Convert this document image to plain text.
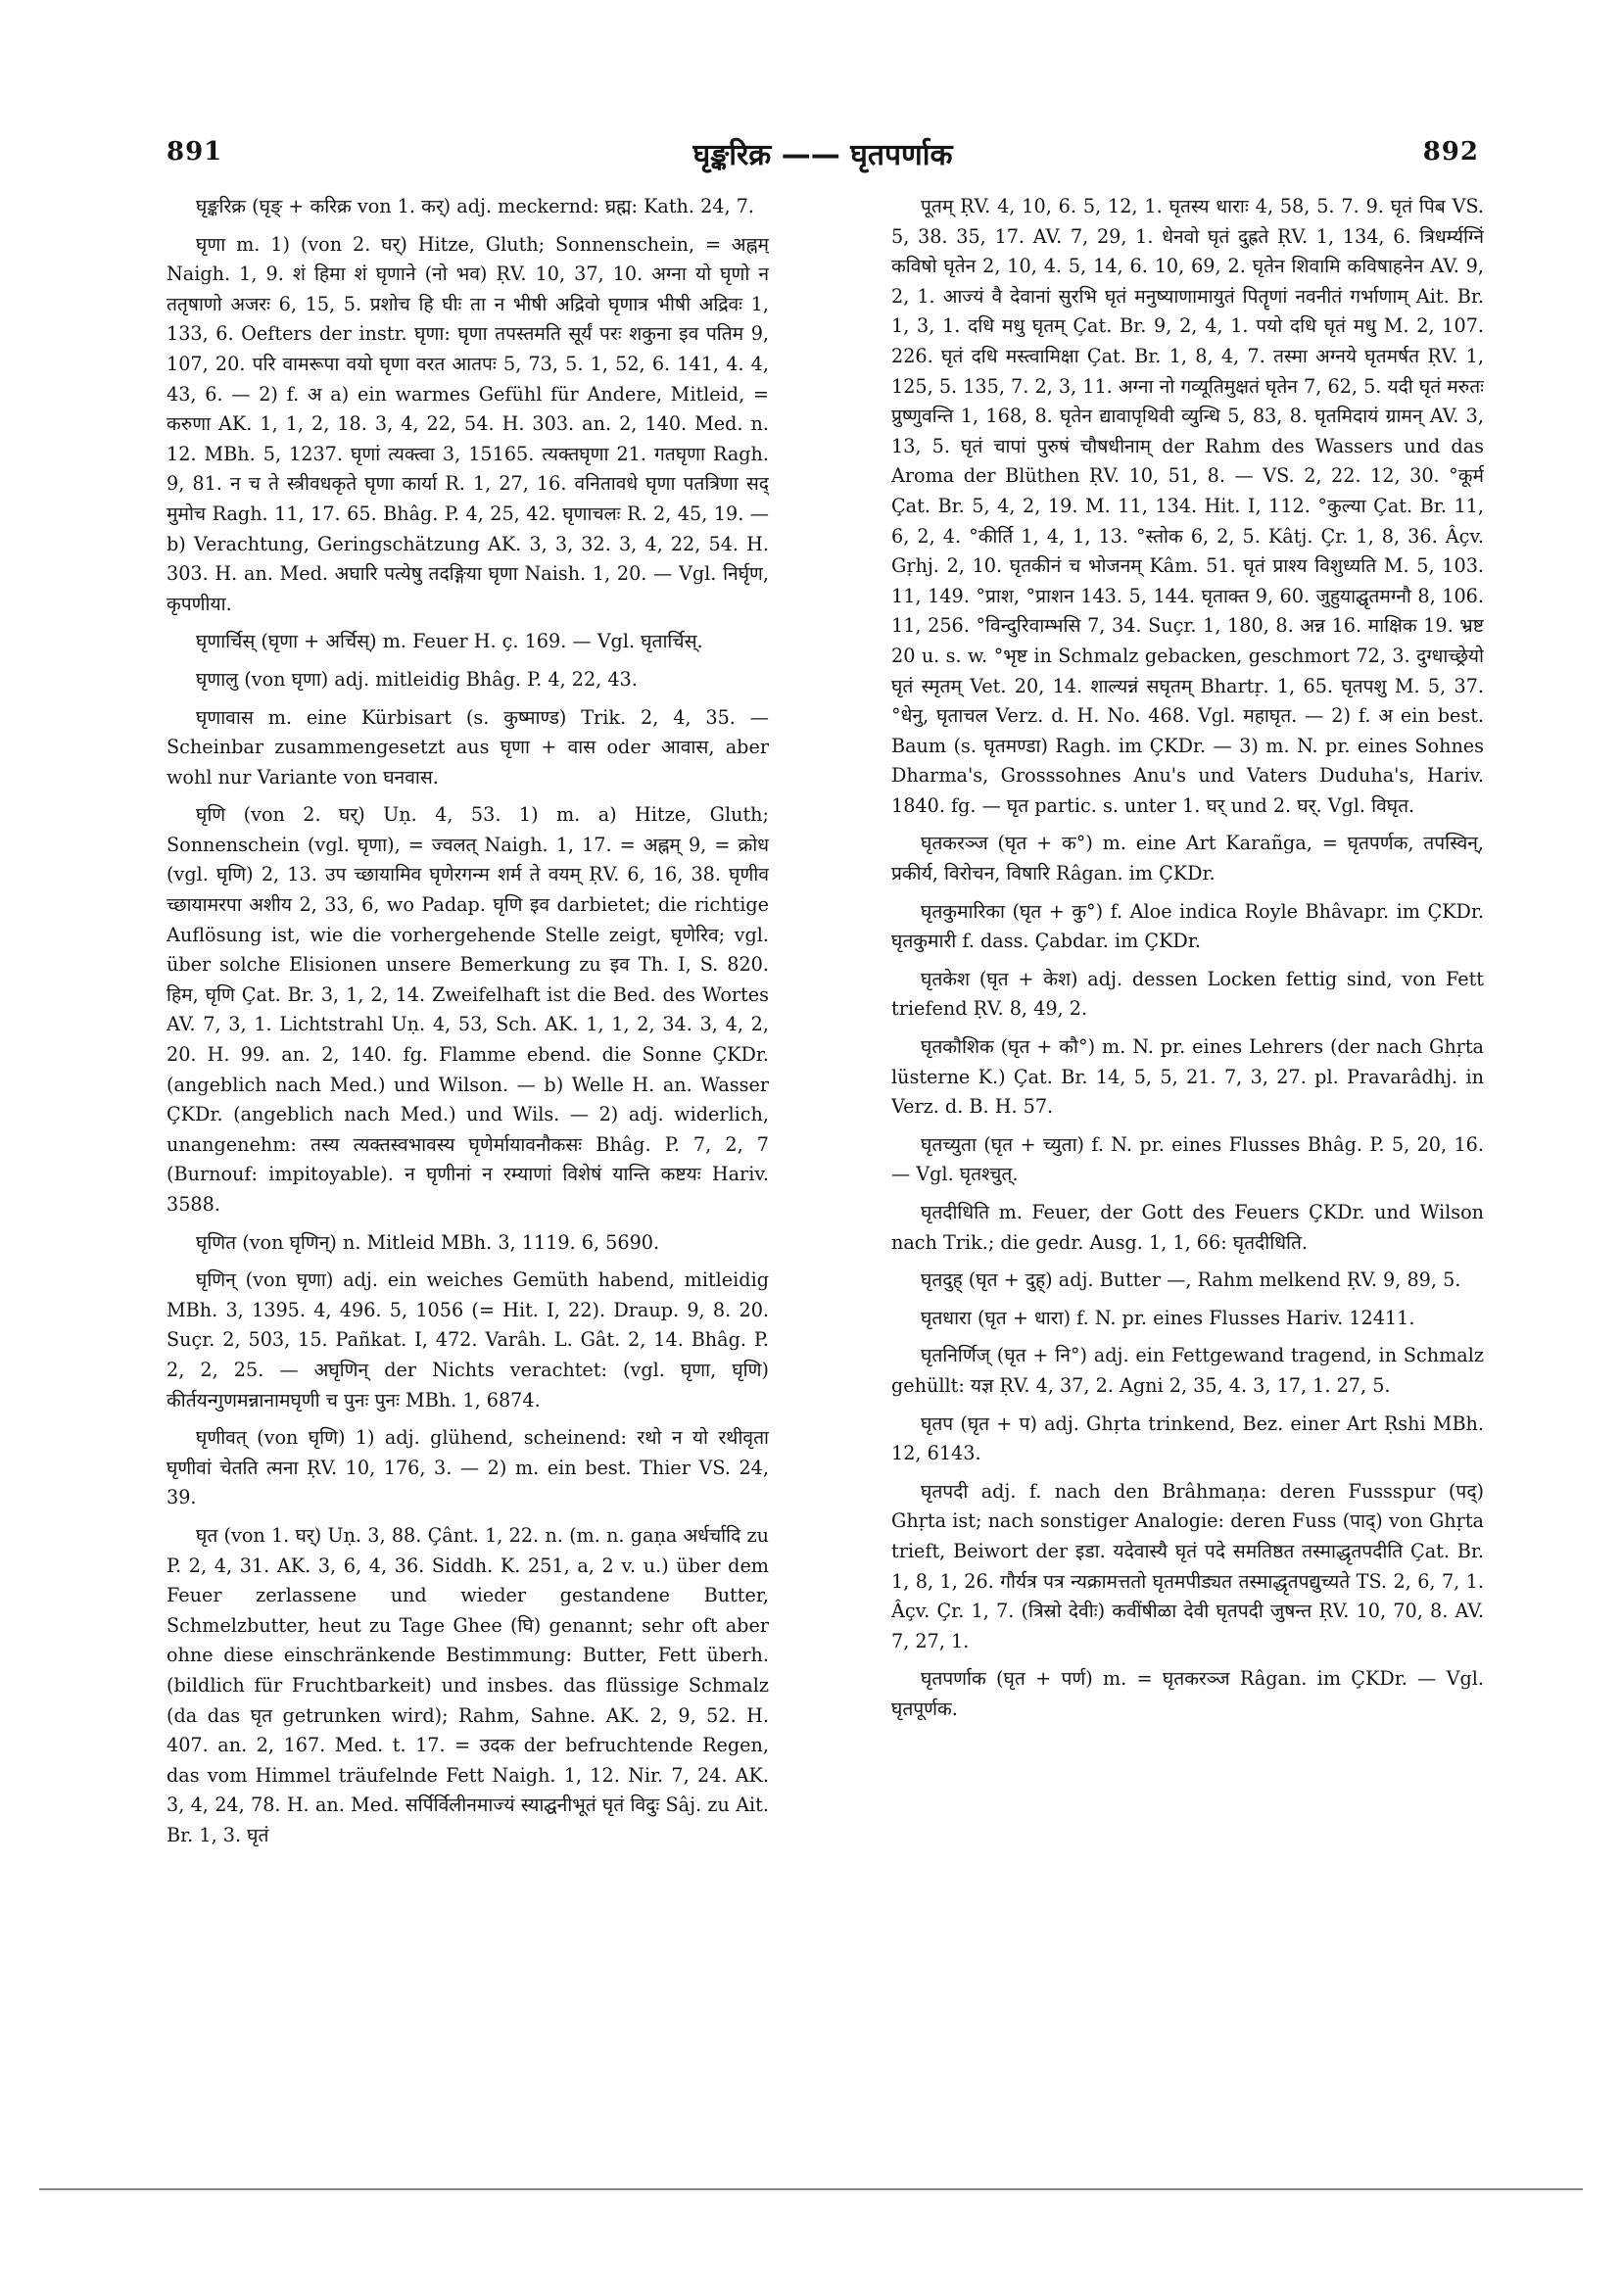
891	घृङ्करिक्र —— घृतपर्णाक	892

घृङ्करिक्र (घृङ् + करिक्र von 1. कर्) adj. meckernd: घ्रह्म: Kath. 24, 7.

घृणा m. 1) (von 2. घर्) Hitze, Gluth; Sonnenschein, = अह्नम् Naigh. 1, 9. शं हिमा शं घृणाने (नो भव) ṚV. 10, 37, 10. अग्ना यो घृणो न ततृषाणो अजरः 6, 15, 5. प्रशोच हि घीः ता न भीषी अद्रिवो घृणात्र भीषी अद्रिवः 1, 133, 6. Oefters der instr. घृणा: घृणा तपस्तमति सूर्यं परः शकुना इव पतिम 9, 107, 20. परि वामरूपा वयो घृणा वरत आतपः 5, 73, 5. 1, 52, 6. 141, 4. 4, 43, 6. — 2) f. अ a) ein warmes Gefühl für Andere, Mitleid, = करुणा AK. 1, 1, 2, 18. 3, 4, 22, 54. H. 303. an. 2, 140. Med. n. 12. MBh. 5, 1237. घृणां त्यक्त्वा 3, 15165. त्यक्तघृणा 21. गतघृणा Ragh. 9, 81. न च ते स्त्रीवधकृते घृणा कार्या R. 1, 27, 16. वनितावधे घृणा पतत्रिणा सद् मुमोच Ragh. 11, 17. 65. Bhâg. P. 4, 25, 42. घृणाचलः R. 2, 45, 19. — b) Verachtung, Geringschätzung AK. 3, 3, 32. 3, 4, 22, 54. H. 303. H. an. Med. अघारि पत्येषु तदङ्गिया घृणा Naish. 1, 20. — Vgl. निर्घृण, कृपणीया.

घृणार्चिस् (घृणा + अर्चिस्) m. Feuer H. ç. 169. — Vgl. घृतार्चिस्.

घृणालु (von घृणा) adj. mitleidig Bhâg. P. 4, 22, 43.

घृणावास m. eine Kürbisart (s. कुष्माण्ड) Trik. 2, 4, 35. — Scheinbar zusammengesetzt aus घृणा + वास oder आवास, aber wohl nur Variante von घनवास.

घृणि (von 2. घर्) Uṇ. 4, 53. 1) m. a) Hitze, Gluth; Sonnenschein (vgl. घृणा), = ज्वलत् Naigh. 1, 17. = अह्नम् 9, = क्रोध (vgl. घृणि) 2, 13. उप च्छायामिव घृणेरगन्म शर्म ते वयम् ṚV. 6, 16, 38. घृणीव च्छायामरपा अशीय 2, 33, 6, wo Padap. घृणि इव darbietet; die richtige Auflösung ist, wie die vorhergehende Stelle zeigt, घृणेरिव; vgl. über solche Elisionen unsere Bemerkung zu इव Th. I, S. 820. हिम, घृणि Çat. Br. 3, 1, 2, 14. Zweifelhaft ist die Bed. des Wortes AV. 7, 3, 1. Lichtstrahl Uṇ. 4, 53, Sch. AK. 1, 1, 2, 34. 3, 4, 2, 20. H. 99. an. 2, 140. fg. Flamme ebend. die Sonne ÇKDr. (angeblich nach Med.) und Wilson. — b) Welle H. an. Wasser ÇKDr. (angeblich nach Med.) und Wils. — 2) adj. widerlich, unangenehm: तस्य त्यक्तस्वभावस्य घृणेर्मायावनौकसः Bhâg. P. 7, 2, 7 (Burnouf: impitoyable). न घृणीनां न रम्याणां विशेषं यान्ति कष्टयः Hariv. 3588.

घृणित (von घृणिन्) n. Mitleid MBh. 3, 1119. 6, 5690.

घृणिन् (von घृणा) adj. ein weiches Gemüth habend, mitleidig MBh. 3, 1395. 4, 496. 5, 1056 (= Hit. I, 22). Draup. 9, 8. 20. Suçr. 2, 503, 15. Pañkat. I, 472. Varâh. L. Gât. 2, 14. Bhâg. P. 2, 2, 25. — अघृणिन् der Nichts verachtet: (vgl. घृणा, घृणि) कीर्तयन्गुणमन्नानामघृणी च पुनः पुनः MBh. 1, 6874.

घृणीवत् (von घृणि) 1) adj. glühend, scheinend: रथो न यो रथीवृता घृणीवां चेतति त्मना ṚV. 10, 176, 3. — 2) m. ein best. Thier VS. 24, 39.

घृत (von 1. घर्) Uṇ. 3, 88. Çânt. 1, 22. n. (m. n. gaṇa अर्धर्चादि zu P. 2, 4, 31. AK. 3, 6, 4, 36. Siddh. K. 251, a, 2 v. u.) über dem Feuer zerlassene und wieder gestandene Butter, Schmelzbutter, heut zu Tage Ghee (घि) genannt; sehr oft aber ohne diese einschränkende Bestimmung: Butter, Fett überh. (bildlich für Fruchtbarkeit) und insbes. das flüssige Schmalz (da das घृत getrunken wird); Rahm, Sahne. AK. 2, 9, 52. H. 407. an. 2, 167. Med. t. 17. = उदक der befruchtende Regen, das vom Himmel träufelnde Fett Naigh. 1, 12. Nir. 7, 24. AK. 3, 4, 24, 78. H. an. Med. सर्पिर्विलीनमाज्यं स्याद्घनीभूतं घृतं विदुः Sâj. zu Ait. Br. 1, 3. घृतं

पूतम् ṚV. 4, 10, 6. 5, 12, 1. घृतस्य धाराः 4, 58, 5. 7. 9. घृतं पिब VS. 5, 38. 35, 17. AV. 7, 29, 1. धेनवो घृतं दुह्रते ṚV. 1, 134, 6. त्रिधर्म्यग्निं कविषो घृतेन 2, 10, 4. 5, 14, 6. 10, 69, 2. घृतेन शिवामि कविषाहनेन AV. 9, 2, 1. आज्यं वै देवानां सुरभि घृतं मनुष्याणामायुतं पितॄणां नवनीतं गर्भाणाम् Ait. Br. 1, 3, 1. दधि मधु घृतम् Çat. Br. 9, 2, 4, 1. पयो दधि घृतं मधु M. 2, 107. 226. घृतं दधि मस्त्वामिक्षा Çat. Br. 1, 8, 4, 7. तस्मा अग्नये घृतमर्षत ṚV. 1, 125, 5. 135, 7. 2, 3, 11. अग्ना नो गव्यूतिमुक्षतं घृतेन 7, 62, 5. यदी घृतं मरुतः प्रुष्णुवन्ति 1, 168, 8. घृतेन द्यावापृथिवी व्युन्धि 5, 83, 8. घृतमिदायं ग्रामन् AV. 3, 13, 5. घृतं चापां पुरुषं चौषधीनाम् der Rahm des Wassers und das Aroma der Blüthen ṚV. 10, 51, 8. — VS. 2, 22. 12, 30. °कूर्म Çat. Br. 5, 4, 2, 19. M. 11, 134. Hit. I, 112. °कुल्या Çat. Br. 11, 6, 2, 4. °कीर्ति 1, 4, 1, 13. °स्तोक 6, 2, 5. Kâtj. Çr. 1, 8, 36. Âçv. Gṛhj. 2, 10. घृतकीनं च भोजनम् Kâm. 51. घृतं प्राश्य विशुध्यति M. 5, 103. 11, 149. °प्राश, °प्राशन 143. 5, 144. घृताक्त 9, 60. जुहुयाद्घृतमग्नौ 8, 106. 11, 256. °विन्दुरिवाम्भसि 7, 34. Suçr. 1, 180, 8. अन्न 16. माक्षिक 19. भ्रष्ट 20 u. s. w. °भृष्ट in Schmalz gebacken, geschmort 72, 3. दुग्धाच्छ्रेयो घृतं स्मृतम् Vet. 20, 14. शाल्यन्नं सघृतम् Bhartṛ. 1, 65. घृतपशु M. 5, 37. °धेनु, घृताचल Verz. d. H. No. 468. Vgl. महाघृत. — 2) f. अ ein best. Baum (s. घृतमण्डा) Ragh. im ÇKDr. — 3) m. N. pr. eines Sohnes Dharma's, Grosssohnes Anu's und Vaters Duduha's, Hariv. 1840. fg. — घृत partic. s. unter 1. घर् und 2. घर्. Vgl. विघृत.

घृतकरञ्ज (घृत + क°) m. eine Art Karañga, = घृतपर्णक, तपस्विन्, प्रकीर्य, विरोचन, विषारि Râgan. im ÇKDr.

घृतकुमारिका (घृत + कु°) f. Aloe indica Royle Bhâvapr. im ÇKDr. घृतकुमारी f. dass. Çabdar. im ÇKDr.

घृतकेश (घृत + केश) adj. dessen Locken fettig sind, von Fett triefend ṚV. 8, 49, 2.

घृतकौशिक (घृत + कौ°) m. N. pr. eines Lehrers (der nach Ghṛta lüsterne K.) Çat. Br. 14, 5, 5, 21. 7, 3, 27. pl. Pravarâdhj. in Verz. d. B. H. 57.

घृतच्युता (घृत + च्युता) f. N. pr. eines Flusses Bhâg. P. 5, 20, 16. — Vgl. घृतश्चुत्.

घृतदीधिति m. Feuer, der Gott des Feuers ÇKDr. und Wilson nach Trik.; die gedr. Ausg. 1, 1, 66: घृतदीधिति.

घृतदुह् (घृत + दुह्) adj. Butter —, Rahm melkend ṚV. 9, 89, 5.

घृतधारा (घृत + धारा) f. N. pr. eines Flusses Hariv. 12411.

घृतनिर्णिज् (घृत + नि°) adj. ein Fettgewand tragend, in Schmalz gehüllt: यज्ञ ṚV. 4, 37, 2. Agni 2, 35, 4. 3, 17, 1. 27, 5.

घृतप (घृत + प) adj. Ghṛta trinkend, Bez. einer Art Ṛshi MBh. 12, 6143.

घृतपदी adj. f. nach den Brâhmaṇa: deren Fussspur (पद्) Ghṛta ist; nach sonstiger Analogie: deren Fuss (पाद्) von Ghṛta trieft, Beiwort der इडा. यदेवास्यै घृतं पदे समतिष्ठत तस्माद्धृतपदीति Çat. Br. 1, 8, 1, 26. गौर्यत्र पत्र न्यक्रामत्ततो घृतमपीड्यत तस्माद्धृतपद्युच्यते TS. 2, 6, 7, 1. Âçv. Çr. 1, 7. (त्रिस्रो देवीः) कवींषीळा देवी घृतपदी जुषन्त ṚV. 10, 70, 8. AV. 7, 27, 1.

घृतपर्णाक (घृत + पर्ण) m. = घृतकरञ्ज Râgan. im ÇKDr. — Vgl. घृतपूर्णक.
